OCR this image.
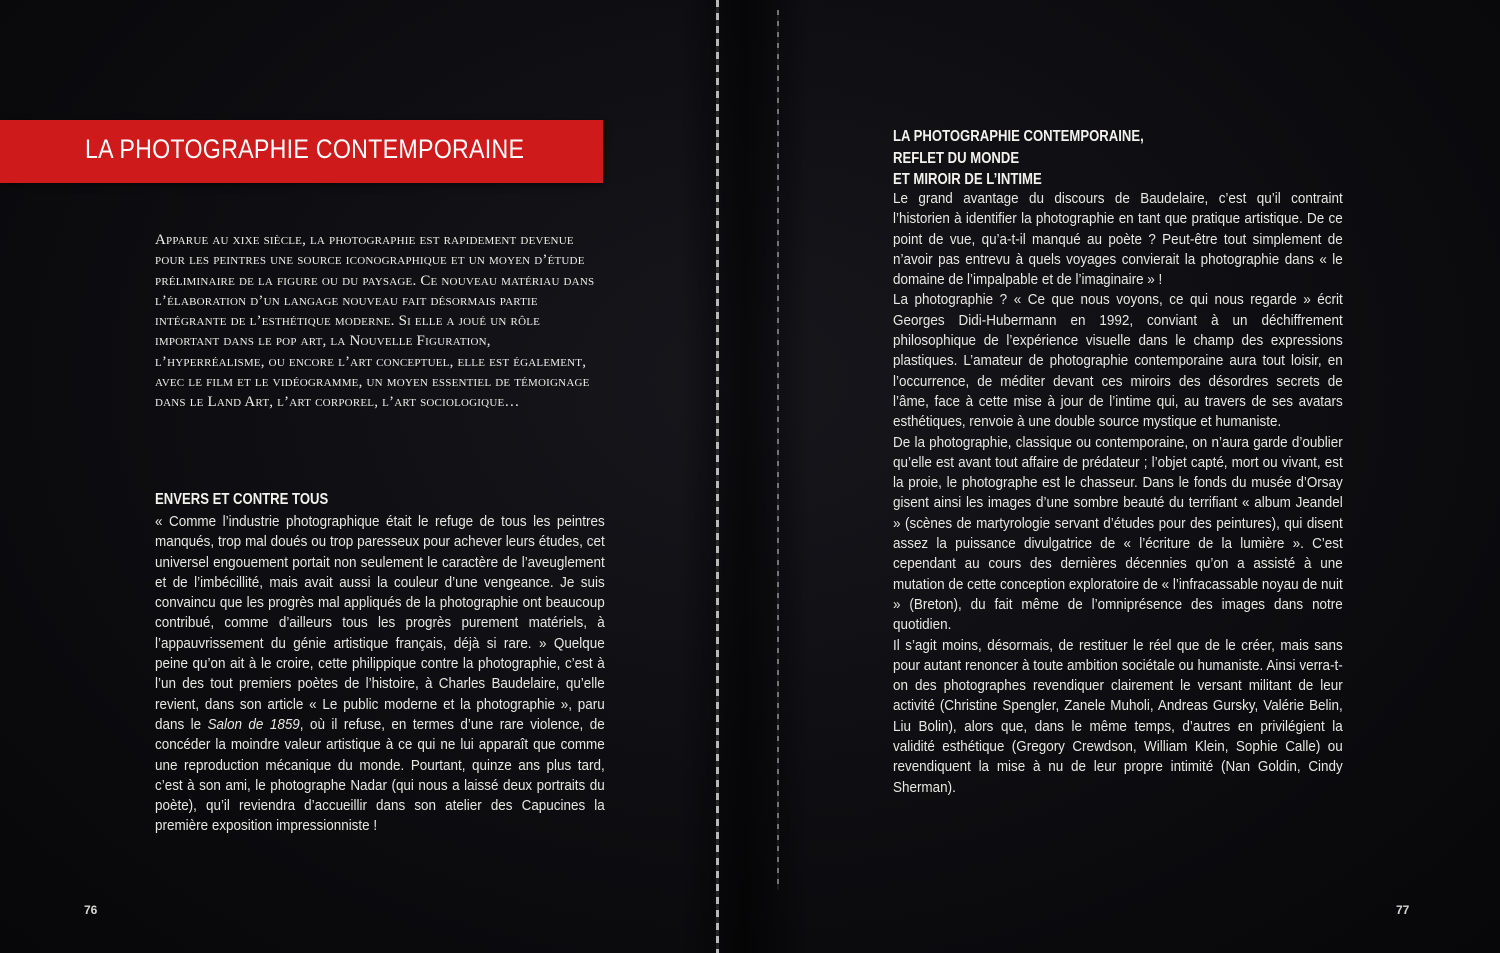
LA PHOTOGRAPHIE CONTEMPORAINE
Apparue au xixe siècle, la photographie est rapidement devenue pour les peintres une source iconographique et un moyen d’étude préliminaire de la figure ou du paysage. Ce nouveau matériau dans l’élaboration d’un langage nouveau fait désormais partie intégrante de l’esthétique moderne. Si elle a joué un rôle important dans le pop art, la Nouvelle Figuration, l’hyperréalisme, ou encore l’art conceptuel, elle est également, avec le film et le vidéogramme, un moyen essentiel de témoignage dans le Land Art, l’art corporel, l’art sociologique…
ENVERS ET CONTRE TOUS
« Comme l’industrie photographique était le refuge de tous les peintres manqués, trop mal doués ou trop paresseux pour achever leurs études, cet universel engouement portait non seulement le caractère de l’aveuglement et de l’imbécillité, mais avait aussi la couleur d’une vengeance. Je suis convaincu que les progrès mal appliqués de la photographie ont beaucoup contribué, comme d’ailleurs tous les progrès purement matériels, à l’appauvrissement du génie artistique français, déjà si rare. » Quelque peine qu’on ait à le croire, cette philippique contre la photographie, c’est à l’un des tout premiers poètes de l’histoire, à Charles Baudelaire, qu’elle revient, dans son article « Le public moderne et la photographie », paru dans le Salon de 1859, où il refuse, en termes d’une rare violence, de concéder la moindre valeur artistique à ce qui ne lui apparaît que comme une reproduction mécanique du monde. Pourtant, quinze ans plus tard, c’est à son ami, le photographe Nadar (qui nous a laissé deux portraits du poète), qu’il reviendra d’accueillir dans son atelier des Capucines la première exposition impressionniste !
76
LA PHOTOGRAPHIE CONTEMPORAINE,
REFLET DU MONDE
ET MIROIR DE L’INTIME

Le grand avantage du discours de Baudelaire, c’est qu’il contraint l’historien à identifier la photographie en tant que pratique artistique. De ce point de vue, qu’a-t-il manqué au poète ? Peut-être tout simplement de n’avoir pas entrevu à quels voyages convierait la photographie dans « le domaine de l’impalpable et de l’imaginaire » !

La photographie ? « Ce que nous voyons, ce qui nous regarde » écrit Georges Didi-Hubermann en 1992, conviant à un déchiffrement philosophique de l’expérience visuelle dans le champ des expressions plastiques. L’amateur de photographie contemporaine aura tout loisir, en l’occurrence, de méditer devant ces miroirs des désordres secrets de l’âme, face à cette mise à jour de l’intime qui, au travers de ses avatars esthétiques, renvoie à une double source mystique et humaniste.

De la photographie, classique ou contemporaine, on n’aura garde d’oublier qu’elle est avant tout affaire de prédateur ; l’objet capté, mort ou vivant, est la proie, le photographe est le chasseur. Dans le fonds du musée d’Orsay gisent ainsi les images d’une sombre beauté du terrifiant « album Jeandel » (scènes de martyrologie servant d’études pour des peintures), qui disent assez la puissance divulgatrice de « l’écriture de la lumière ». C’est cependant au cours des dernières décennies qu’on a assisté à une mutation de cette conception exploratoire de « l’infracassable noyau de nuit » (Breton), du fait même de l’omniprésence des images dans notre quotidien.

Il s’agit moins, désormais, de restituer le réel que de le créer, mais sans pour autant renoncer à toute ambition sociétale ou humaniste. Ainsi verra-t-on des photographes revendiquer clairement le versant militant de leur activité (Christine Spengler, Zanele Muholi, Andreas Gursky, Valérie Belin, Liu Bolin), alors que, dans le même temps, d’autres en privilégient la validité esthétique (Gregory Crewdson, William Klein, Sophie Calle) ou revendiquent la mise à nu de leur propre intimité (Nan Goldin, Cindy Sherman).

77
